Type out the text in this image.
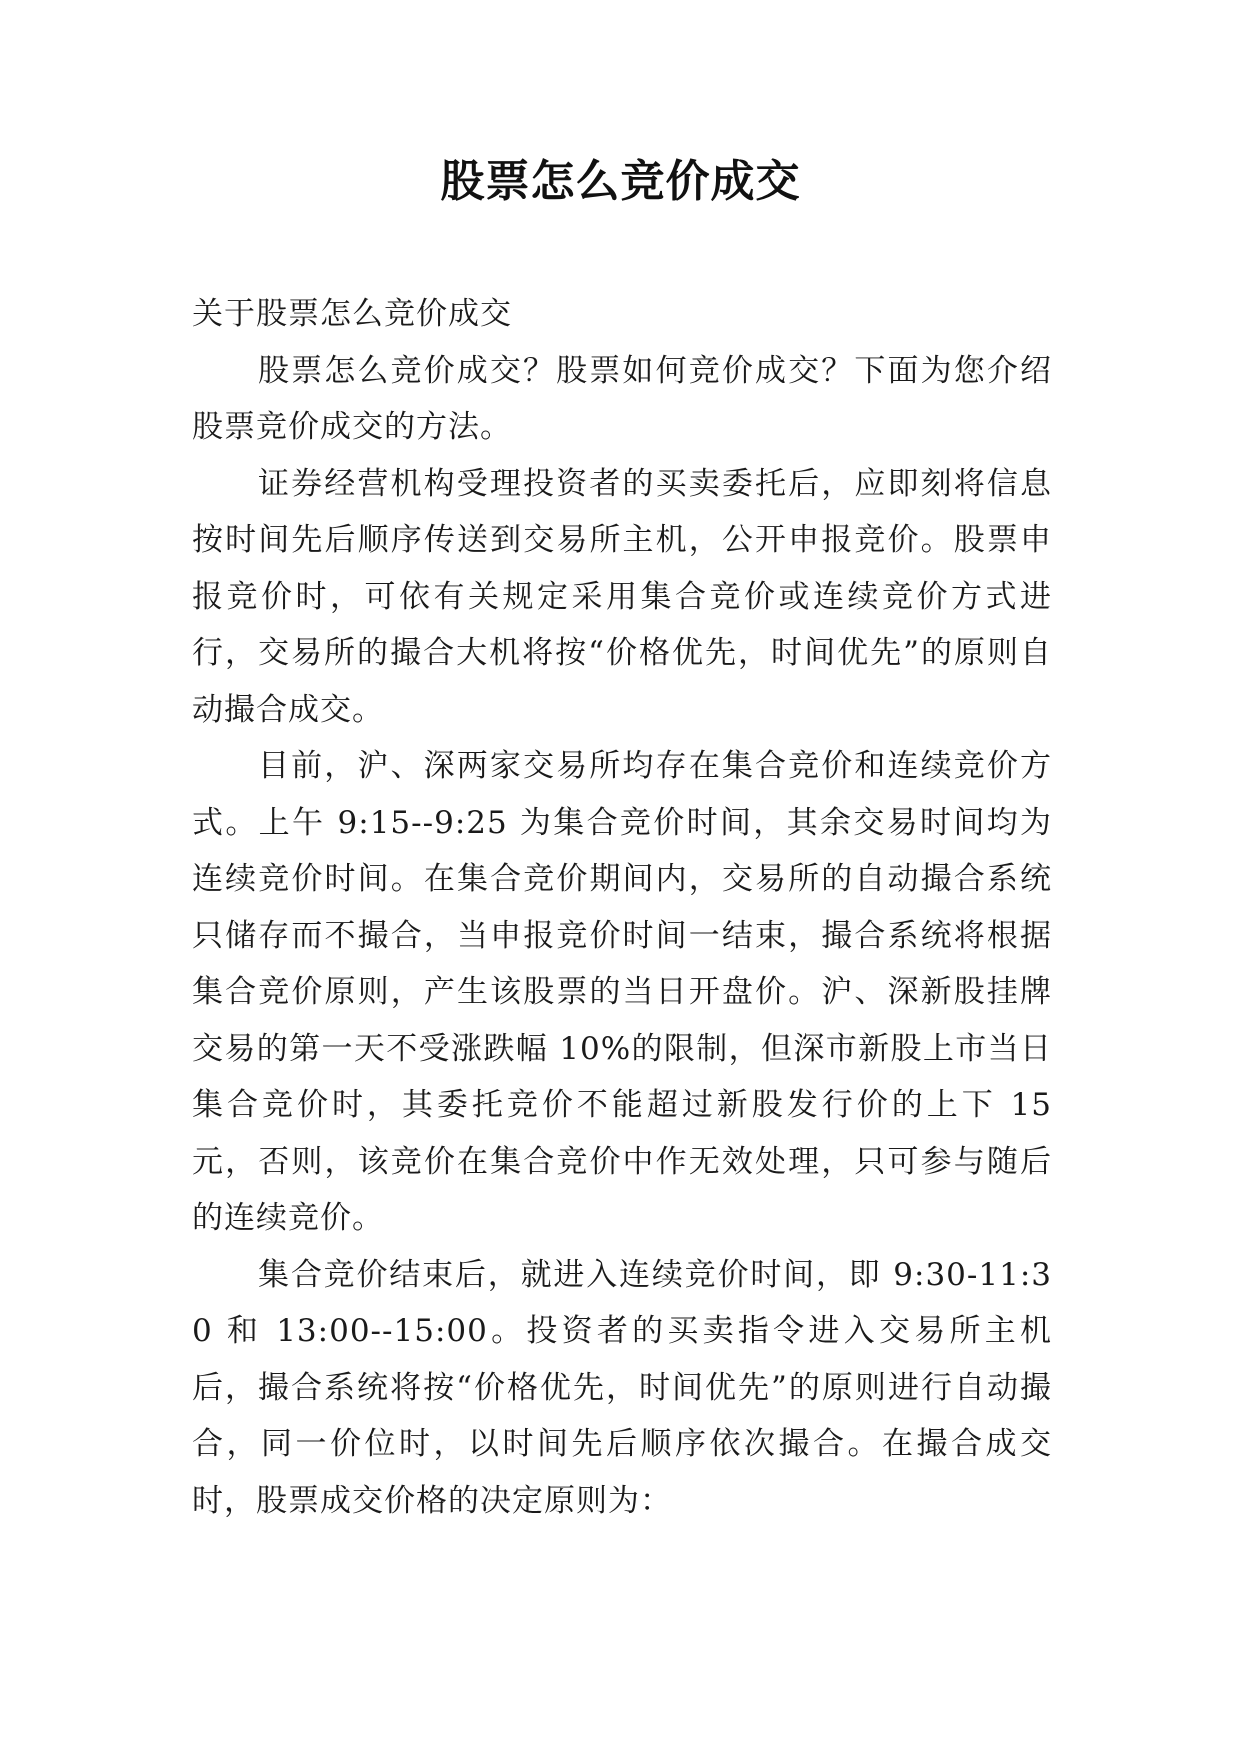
股票怎么竞价成交

关于股票怎么竞价成交

股票怎么竞价成交？股票如何竞价成交？下面为您介绍股票竞价成交的方法。

证券经营机构受理投资者的买卖委托后，应即刻将信息按时间先后顺序传送到交易所主机，公开申报竞价。股票申报竞价时，可依有关规定采用集合竞价或连续竞价方式进行，交易所的撮合大机将按“价格优先，时间优先”的原则自动撮合成交。

目前，沪、深两家交易所均存在集合竞价和连续竞价方式。上午 9:15--9:25 为集合竞价时间，其余交易时间均为连续竞价时间。在集合竞价期间内，交易所的自动撮合系统只储存而不撮合，当申报竞价时间一结束，撮合系统将根据集合竞价原则，产生该股票的当日开盘价。沪、深新股挂牌交易的第一天不受涨跌幅 10%的限制，但深市新股上市当日集合竞价时，其委托竞价不能超过新股发行价的上下 15 元，否则，该竞价在集合竞价中作无效处理，只可参与随后的连续竞价。

集合竞价结束后，就进入连续竞价时间，即 9:30-11:30 和 13:00--15:00。投资者的买卖指令进入交易所主机后，撮合系统将按“价格优先，时间优先”的原则进行自动撮合，同一价位时，以时间先后顺序依次撮合。在撮合成交时，股票成交价格的决定原则为：
